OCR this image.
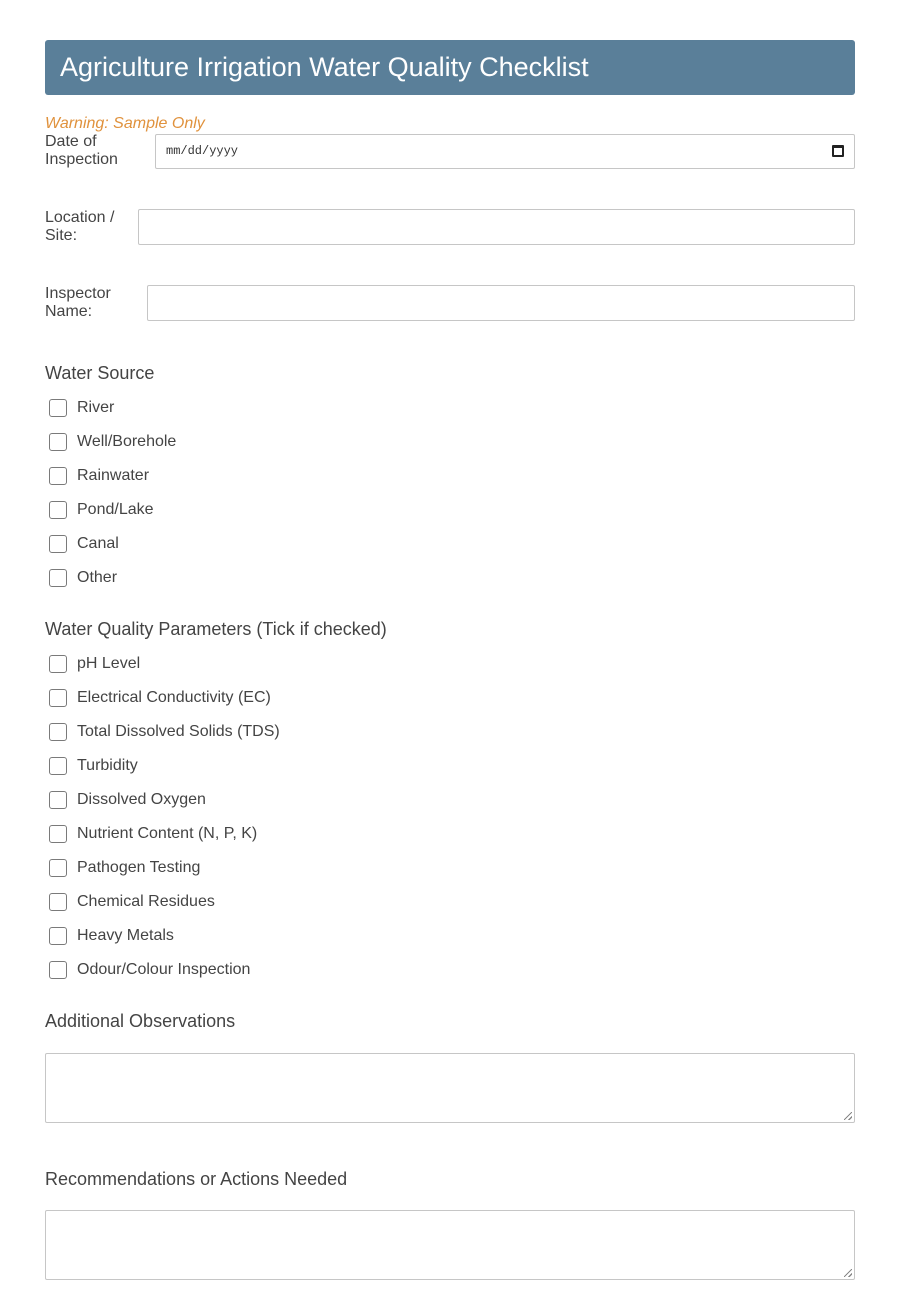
Agriculture Irrigation Water Quality Checklist
Warning: Sample Only
Date of
Inspection	mm/dd/yyyy
Location /
Site:
Inspector
Name:
Water Source
River
Well/Borehole
Rainwater
Pond/Lake
Canal
Other
Water Quality Parameters (Tick if checked)
pH Level
Electrical Conductivity (EC)
Total Dissolved Solids (TDS)
Turbidity
Dissolved Oxygen
Nutrient Content (N, P, K)
Pathogen Testing
Chemical Residues
Heavy Metals
Odour/Colour Inspection
Additional Observations
Recommendations or Actions Needed
